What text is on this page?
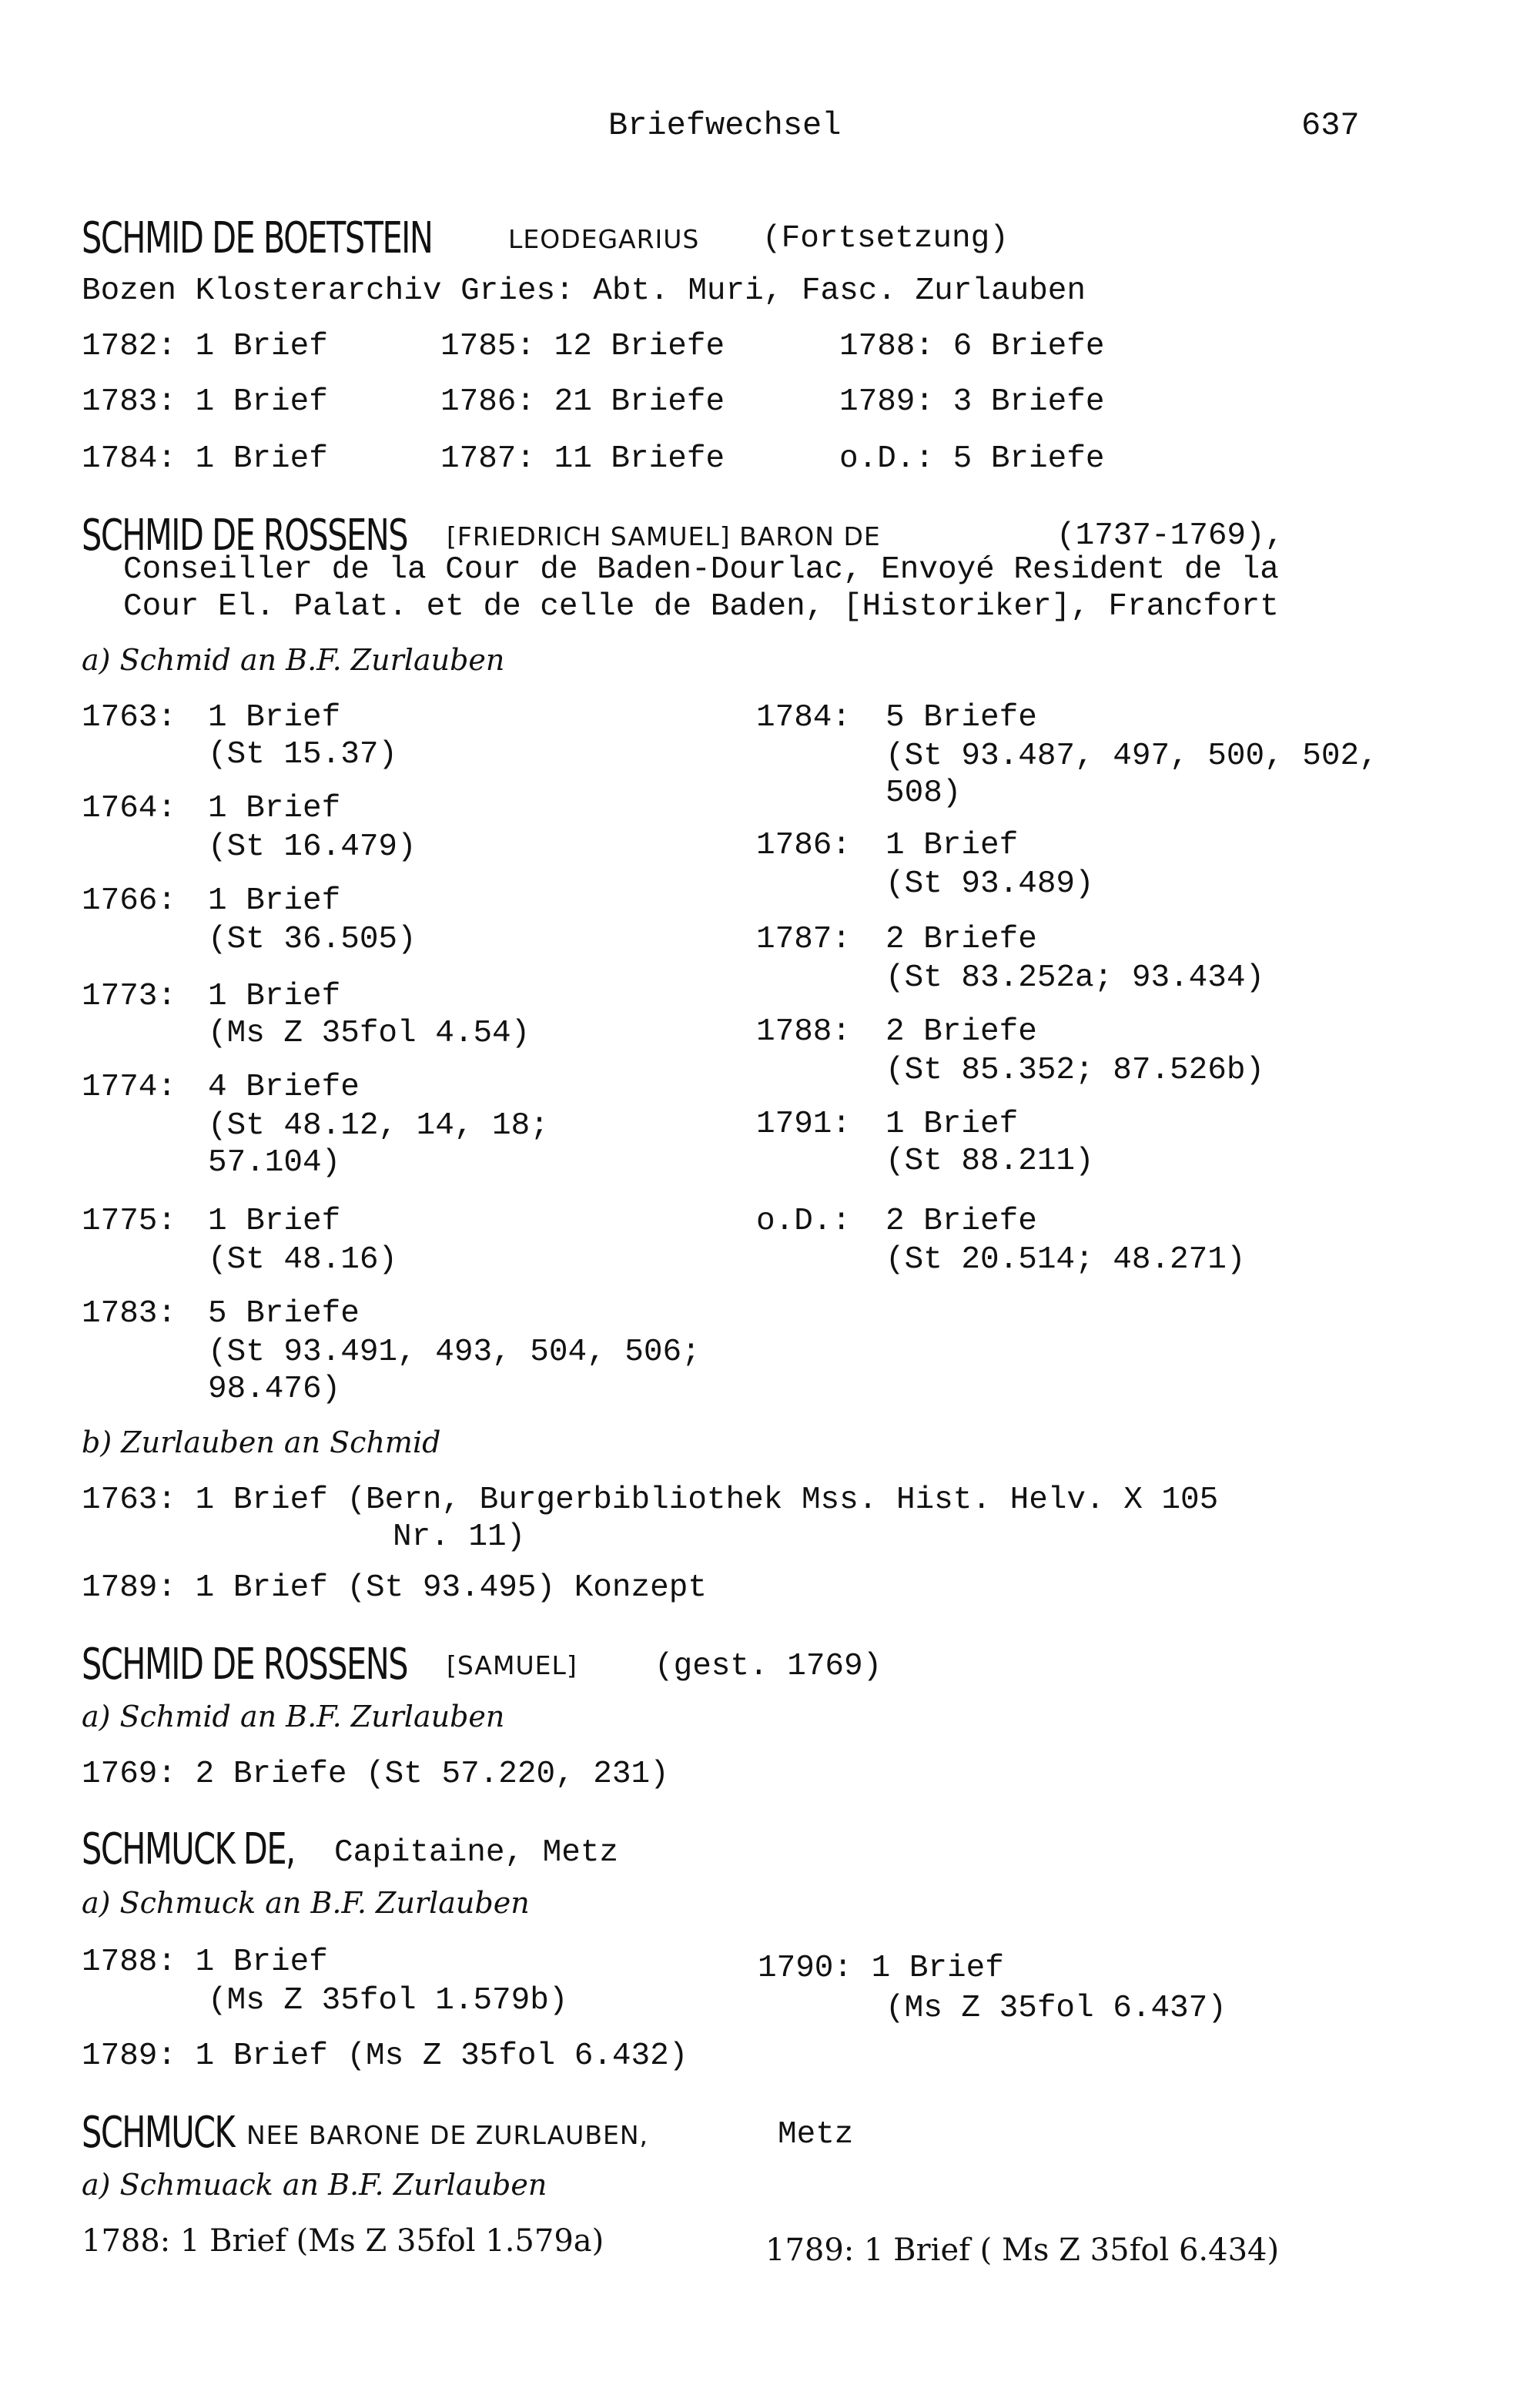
Briefwechsel	637
SCHMID DE BOETSTEIN	LEODEGARIUS (Fortsetzung)
Bozen Klosterarchiv Gries: Abt. Muri, Fasc. Zurlauben
1782: 1 Brief	1785: 12 Briefe	1788: 6 Briefe
1783: 1 Brief	1786: 21 Briefe	1789: 3 Briefe
1784: 1 Brief	1787: 11 Briefe	o.D.: 5 Briefe
SCHMID DE ROSSENS [FRIEDRICH SAMUEL] BARON DE	(1737-1769),
Conseiller de la Cour de Baden-Dourlac, Envoyé Resident de la
Cour El. Palat. et de celle de Baden, [Historiker], Francfort
a) Schmid an B.F. Zurlauben
1763: 1 Brief
(St 15.37)
1764: 1 Brief
(St 16.479)
1766: 1 Brief
(St 36.505)
1773: 1 Brief
(Ms Z 35fol 4.54)
1774: 4 Briefe
(St 48.12, 14, 18;
57.104)
1775: 1 Brief
(St 48.16)
1783: 5 Briefe
(St 93.491, 493, 504, 506;
98.476)
1784: 5 Briefe
(St 93.487, 497, 500, 502,
508)
1786: 1 Brief
(St 93.489)
1787: 2 Briefe
(St 83.252a; 93.434)
1788: 2 Briefe
(St 85.352; 87.526b)
1791: 1 Brief
(St 88.211)
o.D.: 2 Briefe
(St 20.514; 48.271)
b) Zurlauben an Schmid
1763: 1 Brief (Bern, Burgerbibliothek Mss. Hist. Helv. X 105
Nr. 11)
1789: 1 Brief (St 93.495) Konzept
SCHMID DE ROSSENS [SAMUEL] (gest. 1769)
a) Schmid an B.F. Zurlauben
1769: 2 Briefe (St 57.220, 231)
SCHMUCK DE, Capitaine, Metz
a) Schmuck an B.F. Zurlauben
1788: 1 Brief
(Ms Z 35fol 1.579b)
1790: 1 Brief
(Ms Z 35fol 6.437)
1789: 1 Brief (Ms Z 35fol 6.432)
SCHMUCK NEE BARONE DE ZURLAUBEN,	Metz
a) Schmuack an B.F. Zurlauben
1788: 1 Brief (Ms Z 35fol 1.579a)	1789: 1 Brief ( Ms Z 35fol 6.434)
